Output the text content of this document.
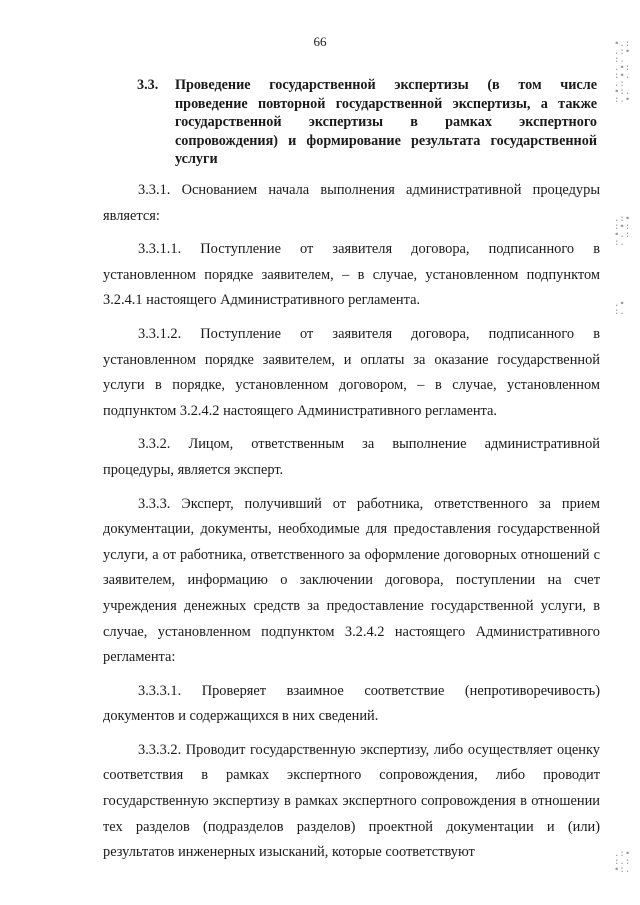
66
3.3. Проведение государственной экспертизы (в том числе проведение повторной государственной экспертизы, а также государственной экспертизы в рамках экспертного сопровождения) и формирование результата государственной услуги

3.3.1. Основанием начала выполнения административной процедуры является:

3.3.1.1. Поступление от заявителя договора, подписанного в установленном порядке заявителем, – в случае, установленном подпунктом 3.2.4.1 настоящего Административного регламента.

3.3.1.2. Поступление от заявителя договора, подписанного в установленном порядке заявителем, и оплаты за оказание государственной услуги в порядке, установленном договором, – в случае, установленном подпунктом 3.2.4.2 настоящего Административного регламента.

3.3.2. Лицом, ответственным за выполнение административной процедуры, является эксперт.

3.3.3. Эксперт, получивший от работника, ответственного за прием документации, документы, необходимые для предоставления государственной услуги, а от работника, ответственного за оформление договорных отношений с заявителем, информацию о заключении договора, поступлении на счет учреждения денежных средств за предоставление государственной услуги, в случае, установленном подпунктом 3.2.4.2 настоящего Административного регламента:

3.3.3.1. Проверяет взаимное соответствие (непротиворечивость) документов и содержащихся в них сведений.

3.3.3.2. Проводит государственную экспертизу, либо осуществляет оценку соответствия в рамках экспертного сопровождения, либо проводит государственную экспертизу в рамках экспертного сопровождения в отношении тех разделов (подразделов разделов) проектной документации и (или) результатов инженерных изысканий, которые соответствуют

∙.:
.:∙
:.
.∙:
:∙.
.:
∙:.
:.∙
.:∙
:∙:
∙.:
:.
.∙
:.
.:∙
:.:
∙:.
